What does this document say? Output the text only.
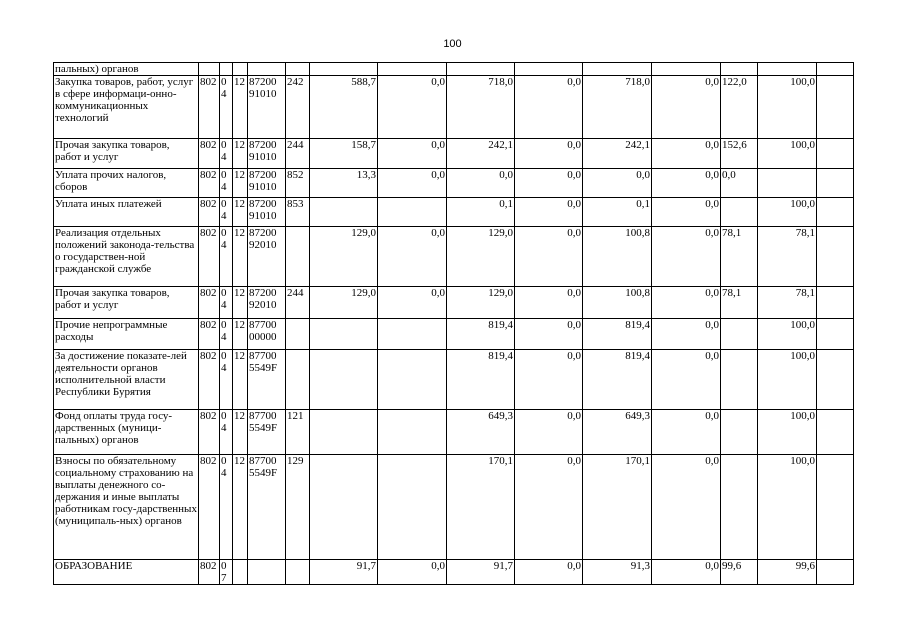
100
пальных) органов														
Закупка товаров, работ, услуг в сфере информаци-онно-коммуникационных технологий	802	04	12	87200 91010	242	588,7	0,0	718,0	0,0	718,0	0,0	122,0	100,0	
Прочая закупка товаров, работ и услуг	802	04	12	87200 91010	244	158,7	0,0	242,1	0,0	242,1	0,0	152,6	100,0	
Уплата прочих налогов, сборов	802	04	12	87200 91010	852	13,3	0,0	0,0	0,0	0,0	0,0	0,0		
Уплата иных платежей	802	04	12	87200 91010	853			0,1	0,0	0,1	0,0		100,0	
Реализация отдельных положений законода-тельства о государствен-ной гражданской службе	802	04	12	87200 92010		129,0	0,0	129,0	0,0	100,8	0,0	78,1	78,1	
Прочая закупка товаров, работ и услуг	802	04	12	87200 92010	244	129,0	0,0	129,0	0,0	100,8	0,0	78,1	78,1	
Прочие непрограммные расходы	802	04	12	87700 00000				819,4	0,0	819,4	0,0		100,0	
За достижение показате-лей деятельности органов исполнительной власти Республики Бурятия	802	04	12	87700 5549F				819,4	0,0	819,4	0,0		100,0	
Фонд оплаты труда госу-дарственных (муници-пальных) органов	802	04	12	87700 5549F	121			649,3	0,0	649,3	0,0		100,0	
Взносы по обязательному социальному страхованию на выплаты денежного со-держания и иные выплаты работникам госу-дарственных (муниципаль-ных) органов	802	04	12	87700 5549F	129			170,1	0,0	170,1	0,0		100,0	
ОБРАЗОВАНИЕ	802	07				91,7	0,0	91,7	0,0	91,3	0,0	99,6	99,6	
